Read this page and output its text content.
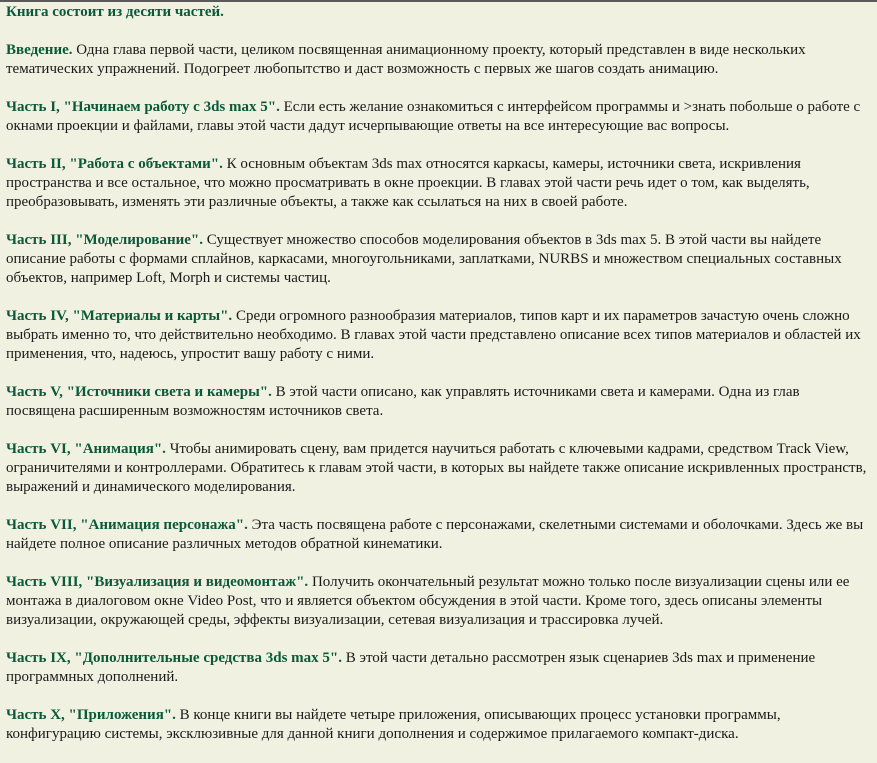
Книга состоит из десяти частей.

Введение. Одна глава первой части, целиком посвященная анимационному проекту, который представлен в виде нескольких тематических упражнений. Подогреет любопытство и даст возможность с первых же шагов создать анимацию.

Часть I, "Начинаем работу с 3ds max 5". Если есть желание ознакомиться с интерфейсом программы и >знать побольше о работе с окнами проекции и файлами, главы этой части дадут исчерпывающие ответы на все интересующие вас вопросы.

Часть II, "Работа с объектами". К основным объектам 3ds max относятся каркасы, камеры, источники света, искривления пространства и все остальное, что можно просматривать в окне проекции. В главах этой части речь идет о том, как выделять, преобразовывать, изменять эти различные объекты, а также как ссылаться на них в своей работе.

Часть III, "Моделирование". Существует множество способов моделирования объектов в 3ds max 5. В этой части вы найдете описание работы с формами сплайнов, каркасами, многоугольниками, заплатками, NURBS и множеством специальных составных объектов, например Loft, Morph и системы частиц.

Часть IV, "Материалы и карты". Среди огромного разнообразия материалов, типов карт и их параметров зачастую очень сложно выбрать именно то, что действительно необходимо. В главах этой части представлено описание всех типов материалов и областей их применения, что, надеюсь, упростит вашу работу с ними.

Часть V, "Источники света и камеры". В этой части описано, как управлять источниками света и камерами. Одна из глав посвящена расширенным возможностям источников света.

Часть VI, "Анимация". Чтобы анимировать сцену, вам придется научиться работать с ключевыми кадрами, средством Track View, ограничителями и контроллерами. Обратитесь к главам этой части, в которых вы найдете также описание искривленных пространств, выражений и динамического моделирования.

Часть VII, "Анимация персонажа". Эта часть посвящена работе с персонажами, скелетными системами и оболочками. Здесь же вы найдете полное описание различных методов обратной кинематики.

Часть VIII, "Визуализация и видеомонтаж". Получить окончательный результат можно только после визуализации сцены или ее монтажа в диалоговом окне Video Post, что и является объектом обсуждения в этой части. Кроме того, здесь описаны элементы визуализации, окружающей среды, эффекты визуализации, сетевая визуализация и трассировка лучей.

Часть IX, "Дополнительные средства 3ds max 5". В этой части детально рассмотрен язык сценариев 3ds max и применение программных дополнений.

Часть X, "Приложения". В конце книги вы найдете четыре приложения, описывающих процесс установки программы, конфигурацию системы, эксклюзивные для данной книги дополнения и содержимое прилагаемого компакт-диска.
